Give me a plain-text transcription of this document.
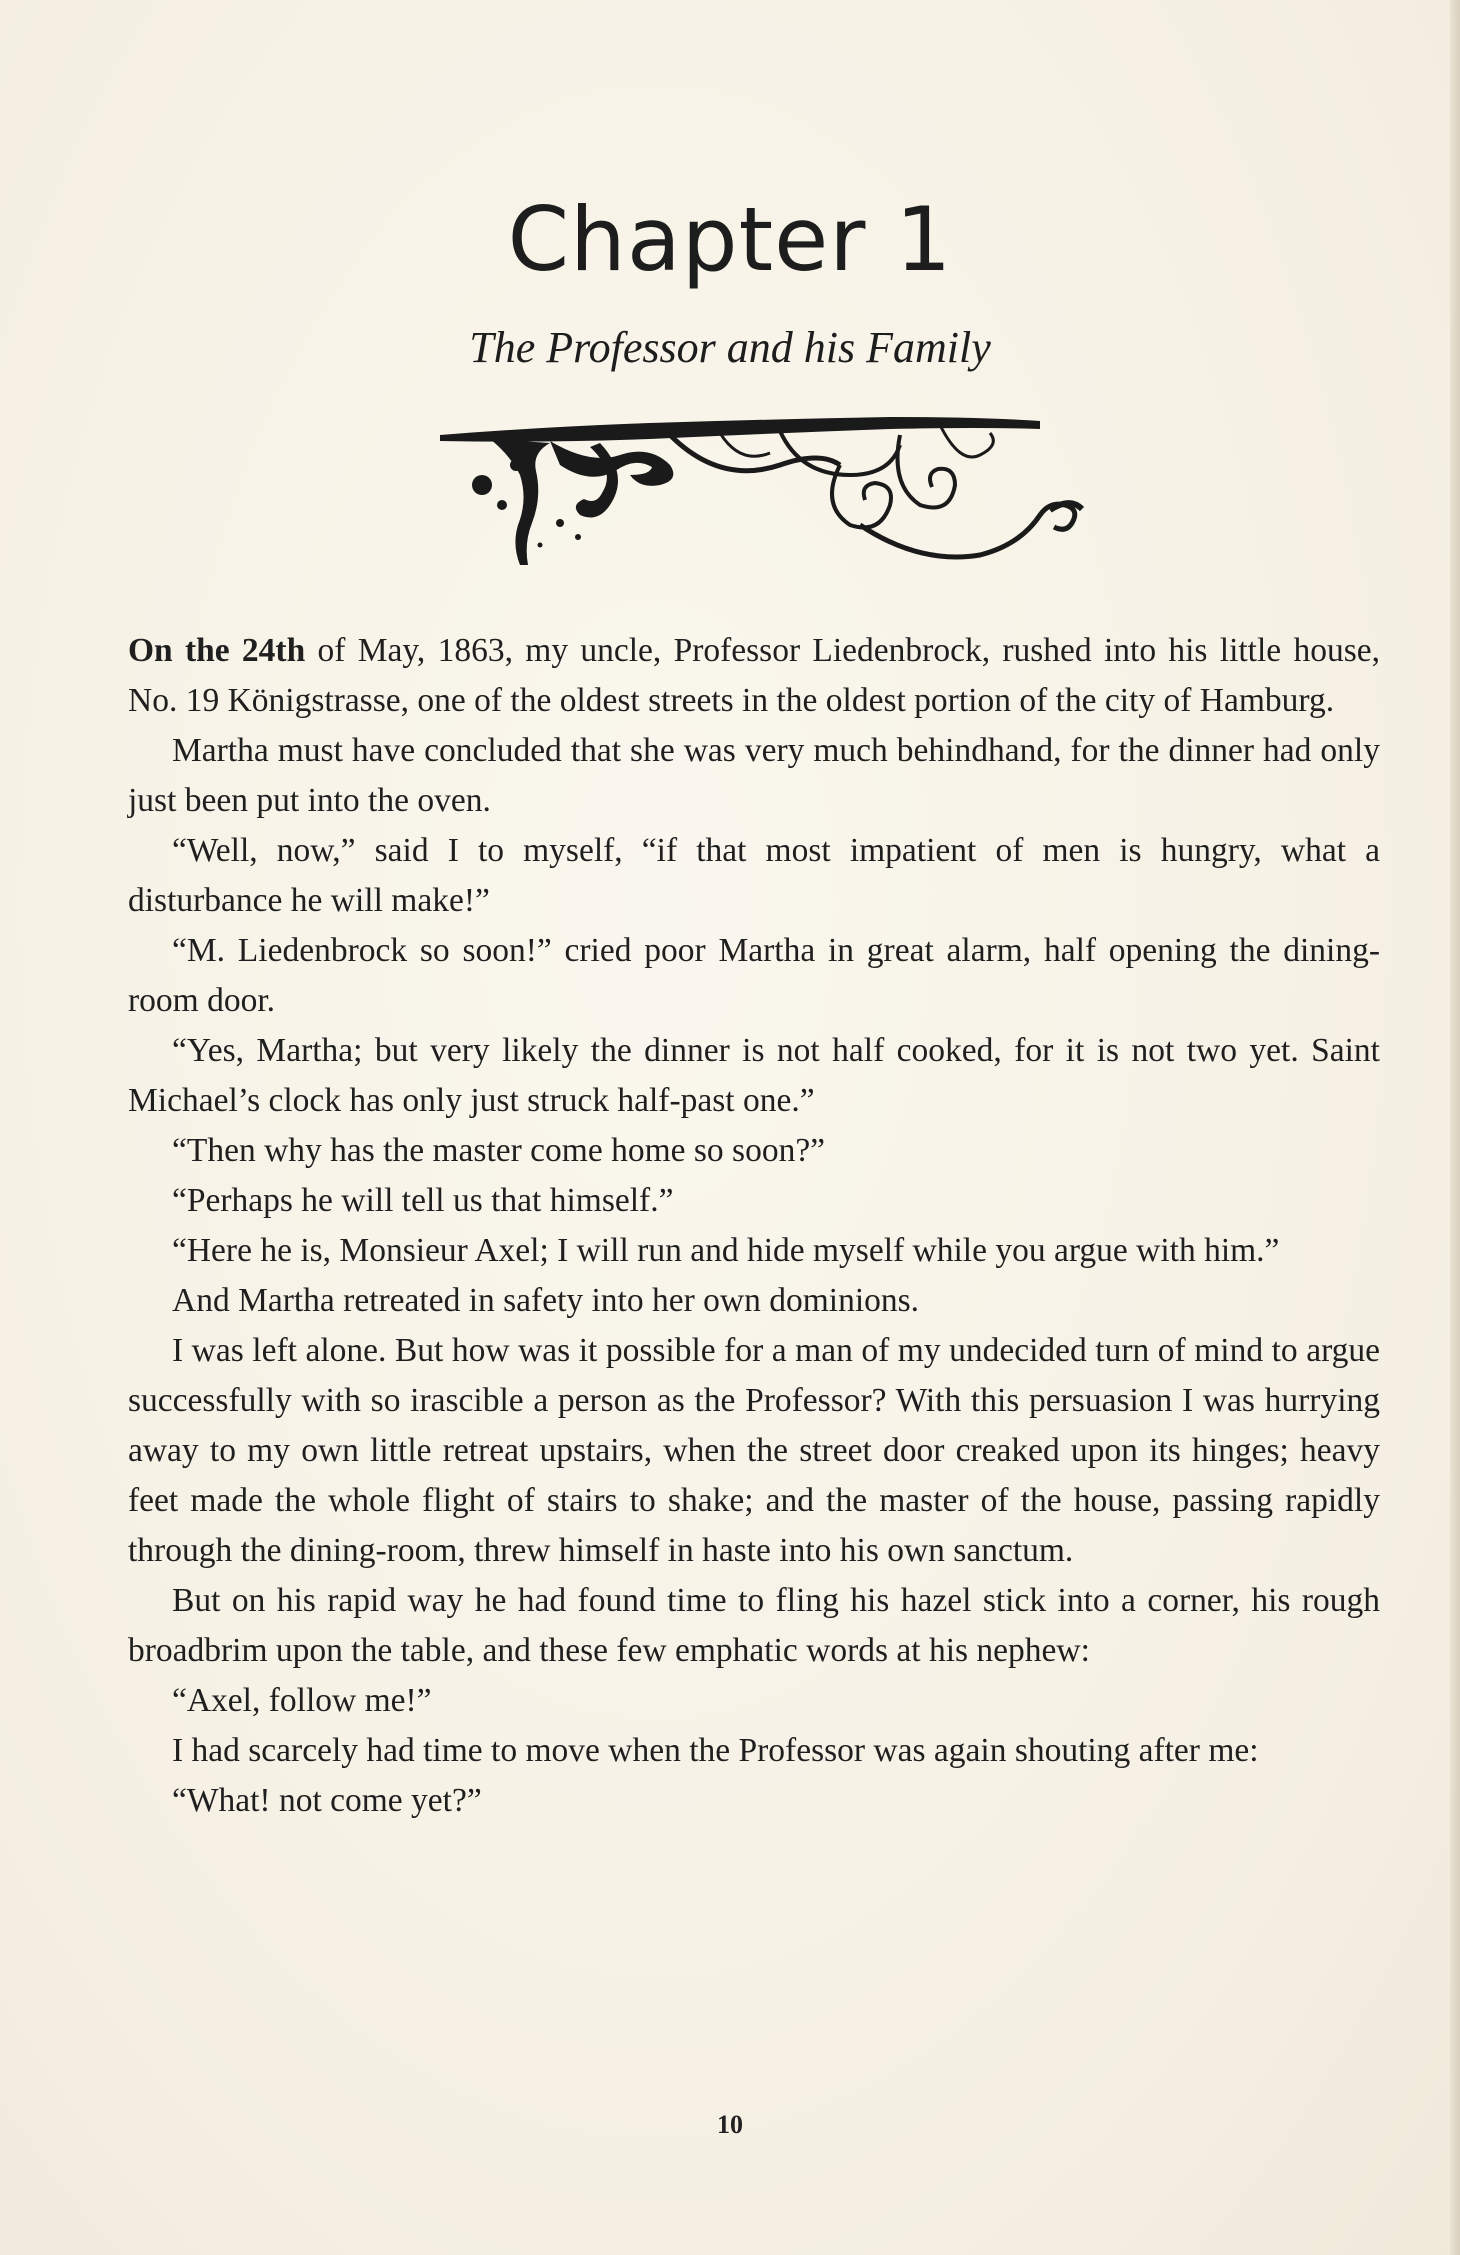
Chapter 1
The Professor and his Family

On the 24th of May, 1863, my uncle, Professor Liedenbrock, rushed into his little house, No. 19 Königstrasse, one of the oldest streets in the oldest portion of the city of Hamburg.

Martha must have concluded that she was very much behindhand, for the dinner had only just been put into the oven.

“Well, now,” said I to myself, “if that most impatient of men is hungry, what a disturbance he will make!”

“M. Liedenbrock so soon!” cried poor Martha in great alarm, half opening the dining-room door.

“Yes, Martha; but very likely the dinner is not half cooked, for it is not two yet. Saint Michael’s clock has only just struck half-past one.”

“Then why has the master come home so soon?”

“Perhaps he will tell us that himself.”

“Here he is, Monsieur Axel; I will run and hide myself while you argue with him.”

And Martha retreated in safety into her own dominions.

I was left alone. But how was it possible for a man of my undecided turn of mind to argue successfully with so irascible a person as the Professor? With this persuasion I was hurrying away to my own little retreat upstairs, when the street door creaked upon its hinges; heavy feet made the whole flight of stairs to shake; and the master of the house, passing rapidly through the dining-room, threw himself in haste into his own sanctum.

But on his rapid way he had found time to fling his hazel stick into a corner, his rough broadbrim upon the table, and these few emphatic words at his nephew:

“Axel, follow me!”

I had scarcely had time to move when the Professor was again shouting after me:

“What! not come yet?”

10
